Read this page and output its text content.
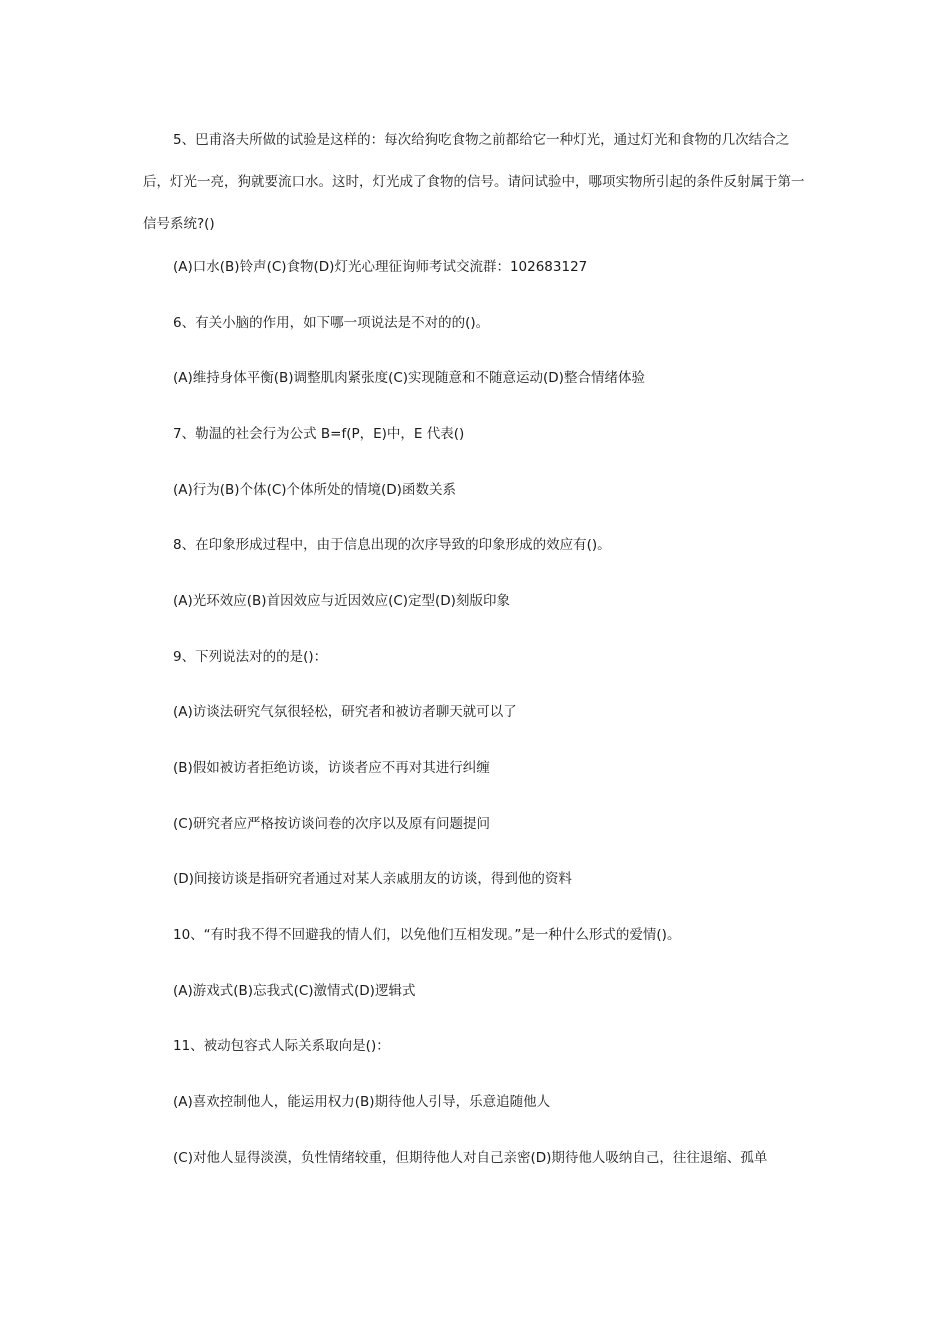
5、巴甫洛夫所做的试验是这样的：每次给狗吃食物之前都给它一种灯光，通过灯光和食物的几次结合之后，灯光一亮，狗就要流口水。这时，灯光成了食物的信号。请问试验中，哪项实物所引起的条件反射属于第一信号系统?()

(A)口水(B)铃声(C)食物(D)灯光心理征询师考试交流群：102683127

6、有关小脑的作用，如下哪一项说法是不对的的()。

(A)维持身体平衡(B)调整肌肉紧张度(C)实现随意和不随意运动(D)整合情绪体验

7、勒温的社会行为公式 B=f(P，E)中，E 代表()

(A)行为(B)个体(C)个体所处的情境(D)函数关系

8、在印象形成过程中，由于信息出现的次序导致的印象形成的效应有()。

(A)光环效应(B)首因效应与近因效应(C)定型(D)刻版印象

9、下列说法对的的是()：

(A)访谈法研究气氛很轻松，研究者和被访者聊天就可以了

(B)假如被访者拒绝访谈，访谈者应不再对其进行纠缠

(C)研究者应严格按访谈问卷的次序以及原有问题提问

(D)间接访谈是指研究者通过对某人亲戚朋友的访谈，得到他的资料

10、“有时我不得不回避我的情人们，以免他们互相发现。”是一种什么形式的爱情()。

(A)游戏式(B)忘我式(C)激情式(D)逻辑式

11、被动包容式人际关系取向是()：

(A)喜欢控制他人，能运用权力(B)期待他人引导，乐意追随他人

(C)对他人显得淡漠，负性情绪较重，但期待他人对自己亲密(D)期待他人吸纳自己，往往退缩、孤单
